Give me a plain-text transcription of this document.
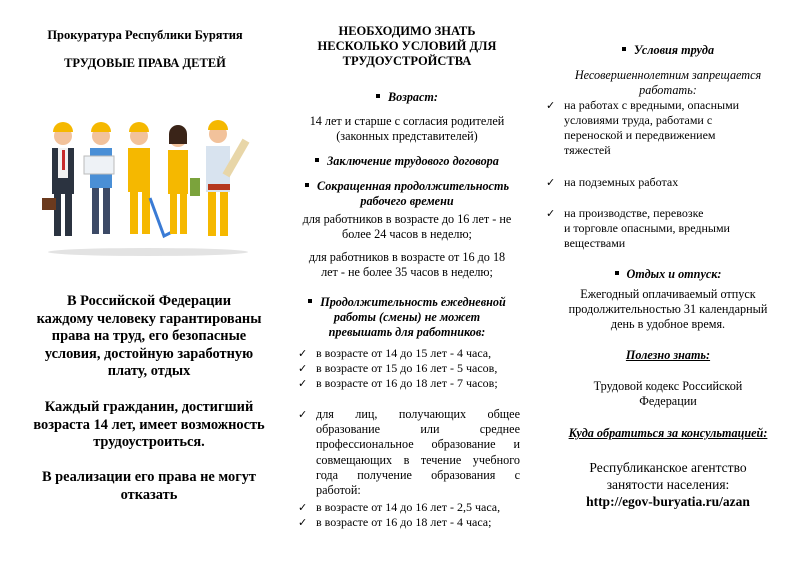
Прокуратура Республики Бурятия
ТРУДОВЫЕ ПРАВА ДЕТЕЙ
В Российской Федерации
каждому человеку гарантированы
права на труд, его безопасные
условия, достойную заработную
плату, отдых
Каждый гражданин, достигший
возраста 14 лет, имеет возможность
трудоустроиться.
В реализации его права не могут
отказать
НЕОБХОДИМО ЗНАТЬ
НЕСКОЛЬКО УСЛОВИЙ ДЛЯ
ТРУДОУСТРОЙСТВА
Возраст:
14 лет и старше с согласия родителей
(законных представителей)
Заключение трудового договора
Сокращенная продолжительность
рабочего времени
для работников в возрасте до 16 лет - не
более 24 часов в неделю;
для работников в возрасте от 16 до 18
лет - не более 35 часов в неделю;
Продолжительность ежедневной
работы (смены) не может
превышать для работников:
✓ в возрасте от 14 до 15 лет - 4 часа,
✓ в возрасте от 15 до 16 лет - 5 часов,
✓ в возрасте от 16 до 18 лет - 7 часов;
✓ для лиц, получающих общее
образование или среднее
профессиональное образование и
совмещающих в течение учебного
года получение образования с
работой:
✓ в возрасте от 14 до 16 лет - 2,5 часа,
✓ в возрасте от 16 до 18 лет - 4 часа;
Условия труда
Несовершеннолетним запрещается
работать:
✓ на работах с вредными, опасными
условиями труда, работами с
переноской и передвижением
тяжестей
✓ на подземных работах
✓ на производстве, перевозке
и торговле опасными, вредными
веществами
Отдых и отпуск:
Ежегодный оплачиваемый отпуск
продолжительностью 31 календарный
день в удобное время.
Полезно знать:
Трудовой кодекс Российской
Федерации
Куда обратиться за консультацией:
Республиканское агентство
занятости населения:
http://egov-buryatia.ru/azan
